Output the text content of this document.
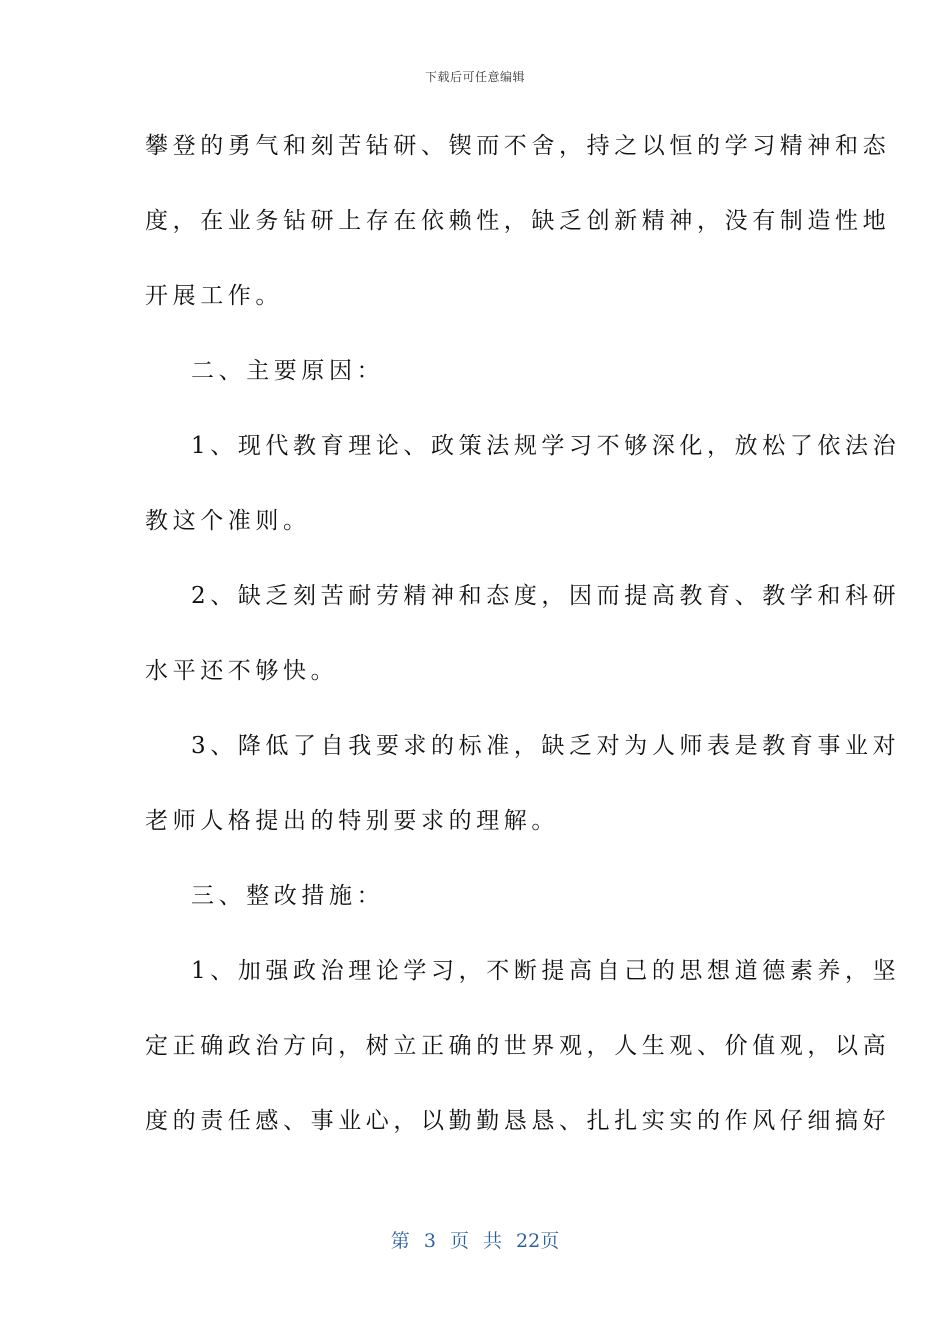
下载后可任意编辑
攀登的勇气和刻苦钻研、锲而不舍，持之以恒的学习精神和态
度，在业务钻研上存在依赖性，缺乏创新精神，没有制造性地
开展工作。
二、主要原因：
1、现代教育理论、政策法规学习不够深化，放松了依法治
教这个准则。
2、缺乏刻苦耐劳精神和态度，因而提高教育、教学和科研
水平还不够快。
3、降低了自我要求的标准，缺乏对为人师表是教育事业对
老师人格提出的特别要求的理解。
三、整改措施：
1、加强政治理论学习，不断提高自己的思想道德素养，坚
定正确政治方向，树立正确的世界观，人生观、价值观，以高
度的责任感、事业心，以勤勤恳恳、扎扎实实的作风仔细搞好
第 3 页 共 22页
